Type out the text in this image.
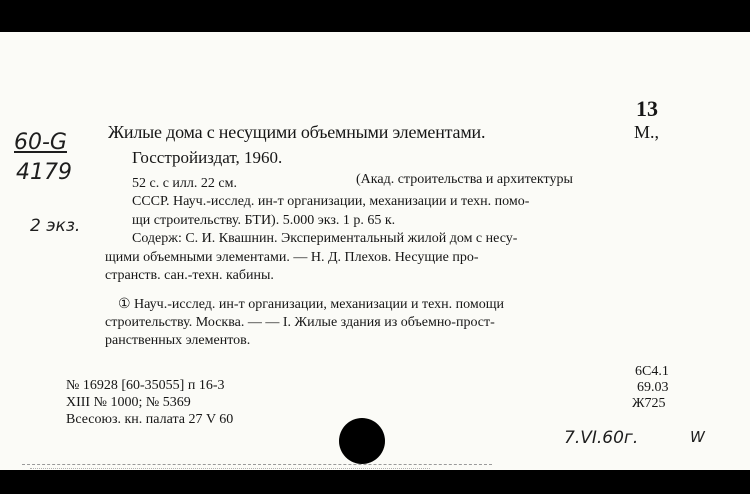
13
60-G
4179
2 экз.
Жилые дома с несущими объемными элементами.	М.,
Госстройиздат, 1960.
52 с. с илл. 22 см.	(Акад. строительства и архитектуры
СССР. Науч.-исслед. ин-т организации, механизации и техн. помо-
щи строительству. БТИ). 5.000 экз. 1 р. 65 к.
Содерж: С. И. Квашнин. Экспериментальный жилой дом с несу-
щими объемными элементами. — Н. Д. Плехов. Несущие про-
странств. сан.-техн. кабины.
① Науч.-исслед. ин-т организации, механизации и техн. помощи
строительству. Москва. — — I. Жилые здания из объемно-прост-
ранственных элементов.
№ 16928 [60-35055] п 16-3
XIII № 1000; № 5369
Всесоюз. кн. палата 27 V 60
6С4.1
69.03
Ж725
7.VI.60г.	W
